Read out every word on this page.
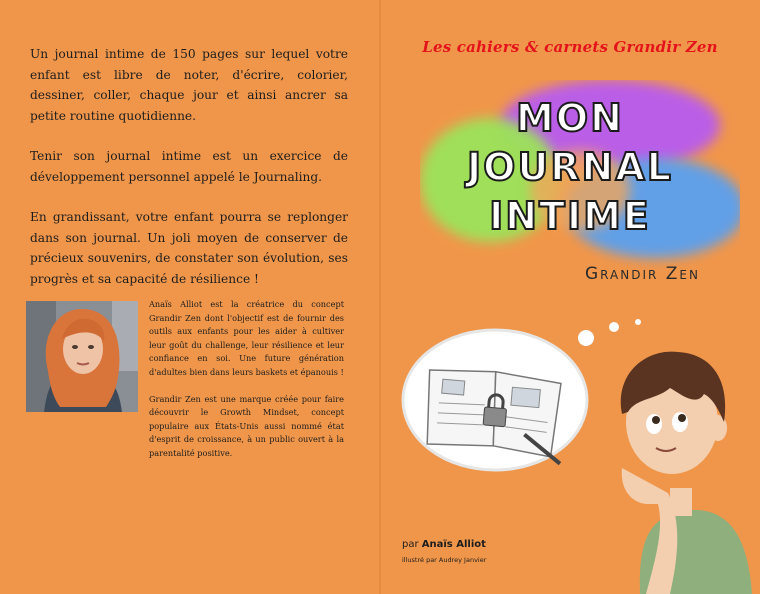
Un journal intime de 150 pages sur lequel votre enfant est libre de noter, d'écrire, colorier, dessiner, coller, chaque jour et ainsi ancrer sa petite routine quotidienne.

Tenir son journal intime est un exercice de développement personnel appelé le Journaling.

En grandissant, votre enfant pourra se replonger dans son journal. Un joli moyen de conserver de précieux souvenirs, de constater son évolution, ses progrès et sa capacité de résilience !

Anaïs Alliot est la créatrice du concept Grandir Zen dont l'objectif est de fournir des outils aux enfants pour les aider à cultiver leur goût du challenge, leur résilience et leur confiance en soi. Une future génération d'adultes bien dans leurs baskets et épanouis !

Grandir Zen est une marque créée pour faire découvrir le Growth Mindset, concept populaire aux États-Unis aussi nommé état d'esprit de croissance, à un public ouvert à la parentalité positive.

Les cahiers & carnets Grandir Zen
MON
JOURNAL
INTIME
Grandir Zen
par Anaïs Alliot
illustré par Audrey Janvier
